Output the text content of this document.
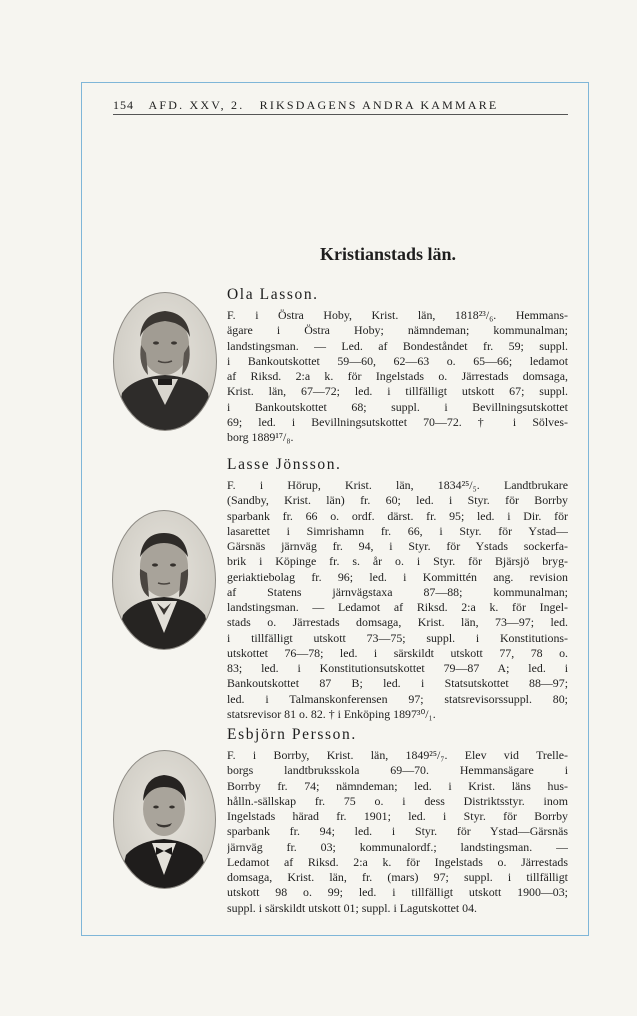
154 AFD. XXV, 2. RIKSDAGENS ANDRA KAMMARE
Kristianstads län.
Ola Lasson.
F. i Östra Hoby, Krist. län, 1818²³/₆. Hemmans-
ägare i Östra Hoby; nämndeman; kommunalman;
landstingsman. — Led. af Bondeståndet fr. 59; suppl.
i Bankoutskottet 59—60, 62—63 o. 65—66; ledamot
af Riksd. 2:a k. för Ingelstads o. Järrestads domsaga,
Krist. län, 67—72; led. i tillfälligt utskott 67; suppl.
i Bankoutskottet 68; suppl. i Bevillningsutskottet
69; led. i Bevillningsutskottet 70—72. † i Sölves-
borg 1889¹⁷/₈.
Lasse Jönsson.
F. i Hörup, Krist. län, 1834²⁵/₅. Landtbrukare
(Sandby, Krist. län) fr. 60; led. i Styr. för Borrby
sparbank fr. 66 o. ordf. därst. fr. 95; led. i Dir. för
lasarettet i Simrishamn fr. 66, i Styr. för Ystad—
Gärsnäs järnväg fr. 94, i Styr. för Ystads sockerfa-
brik i Köpinge fr. s. år o. i Styr. för Bjärsjö bryg-
geriaktiebolag fr. 96; led. i Kommittén ang. revision
af Statens järnvägstaxa 87—88; kommunalman;
landstingsman. — Ledamot af Riksd. 2:a k. för Ingel-
stads o. Järrestads domsaga, Krist. län, 73—97; led.
i tillfälligt utskott 73—75; suppl. i Konstitutions-
utskottet 76—78; led. i särskildt utskott 77, 78 o.
83; led. i Konstitutionsutskottet 79—87 A; led. i
Bankoutskottet 87 B; led. i Statsutskottet 88—97;
led. i Talmanskonferensen 97; statsrevisorssuppl. 80;
statsrevisor 81 o. 82. † i Enköping 1897³⁰/₁.
Esbjörn Persson.
F. i Borrby, Krist. län, 1849²⁵/₇. Elev vid Trelle-
borgs landtbruksskola 69—70. Hemmansägare i
Borrby fr. 74; nämndeman; led. i Krist. läns hus-
hålln.-sällskap fr. 75 o. i dess Distriktsstyr. inom
Ingelstads härad fr. 1901; led. i Styr. för Borrby
sparbank fr. 94; led. i Styr. för Ystad—Gärsnäs
järnväg fr. 03; kommunalordf.; landstingsman. —
Ledamot af Riksd. 2:a k. för Ingelstads o. Järrestads
domsaga, Krist. län, fr. (mars) 97; suppl. i tillfälligt
utskott 98 o. 99; led. i tillfälligt utskott 1900—03;
suppl. i särskildt utskott 01; suppl. i Lagutskottet 04.
